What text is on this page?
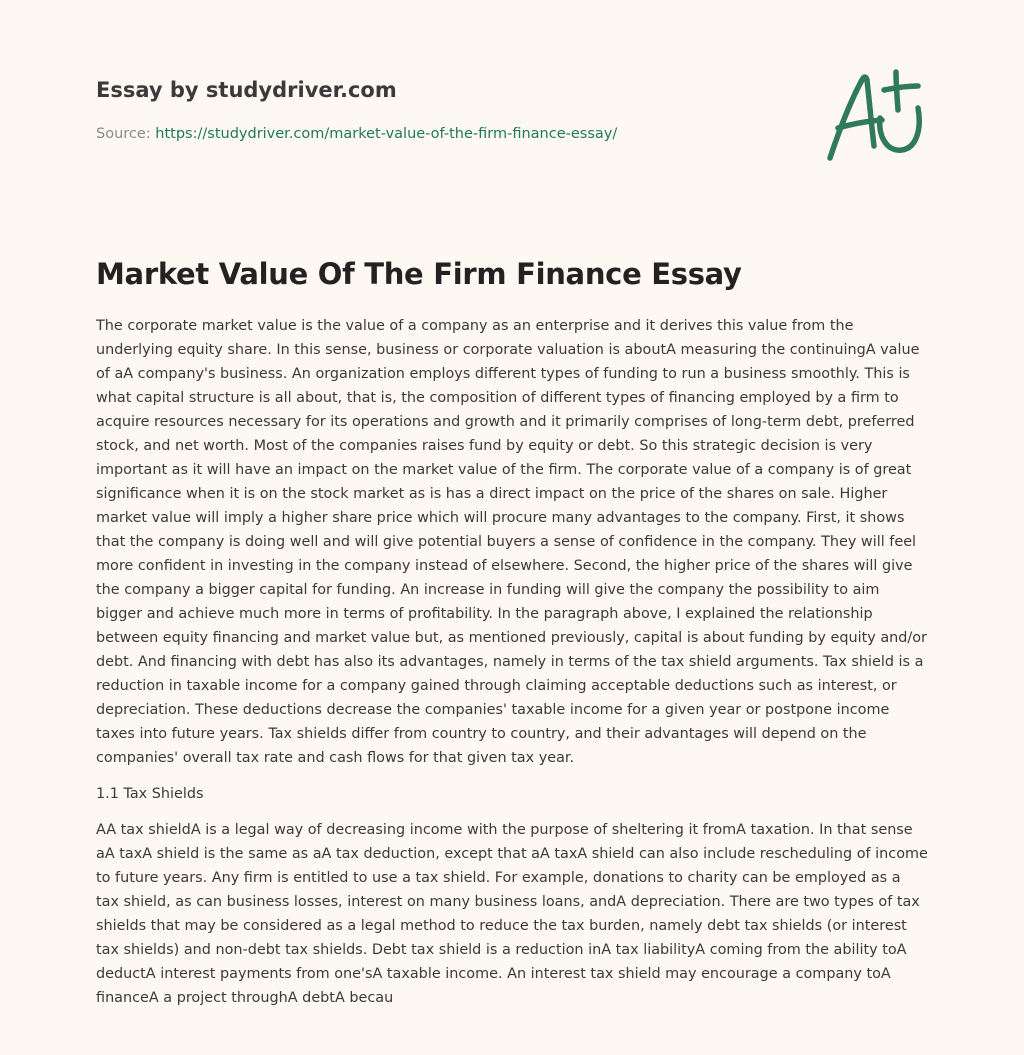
Essay by studydriver.com
Source: https://studydriver.com/market-value-of-the-firm-finance-essay/
Market Value Of The Firm Finance Essay

The corporate market value is the value of a company as an enterprise and it derives this value from the underlying equity share. In this sense, business or corporate valuation is aboutA measuring the continuingA value of aA company's business. An organization employs different types of funding to run a business smoothly. This is what capital structure is all about, that is, the composition of different types of financing employed by a firm to acquire resources necessary for its operations and growth and it primarily comprises of long-term debt, preferred stock, and net worth. Most of the companies raises fund by equity or debt. So this strategic decision is very important as it will have an impact on the market value of the firm. The corporate value of a company is of great significance when it is on the stock market as is has a direct impact on the price of the shares on sale. Higher market value will imply a higher share price which will procure many advantages to the company. First, it shows that the company is doing well and will give potential buyers a sense of confidence in the company. They will feel more confident in investing in the company instead of elsewhere. Second, the higher price of the shares will give the company a bigger capital for funding. An increase in funding will give the company the possibility to aim bigger and achieve much more in terms of profitability. In the paragraph above, I explained the relationship between equity financing and market value but, as mentioned previously, capital is about funding by equity and/or debt. And financing with debt has also its advantages, namely in terms of the tax shield arguments. Tax shield is a reduction in taxable income for a company gained through claiming acceptable deductions such as interest, or depreciation. These deductions decrease the companies' taxable income for a given year or postpone income taxes into future years. Tax shields differ from country to country, and their advantages will depend on the companies' overall tax rate and cash flows for that given tax year.

1.1 Tax Shields

AA tax shieldA is a legal way of decreasing income with the purpose of sheltering it fromA taxation. In that sense aA taxA shield is the same as aA tax deduction, except that aA taxA shield can also include rescheduling of income to future years. Any firm is entitled to use a tax shield. For example, donations to charity can be employed as a tax shield, as can business losses, interest on many business loans, andA depreciation. There are two types of tax shields that may be considered as a legal method to reduce the tax burden, namely debt tax shields (or interest tax shields) and non-debt tax shields. Debt tax shield is a reduction inA tax liabilityA coming from the ability toA deductA interest payments from one'sA taxable income. An interest tax shield may encourage a company toA financeA a project throughA debtA becau
